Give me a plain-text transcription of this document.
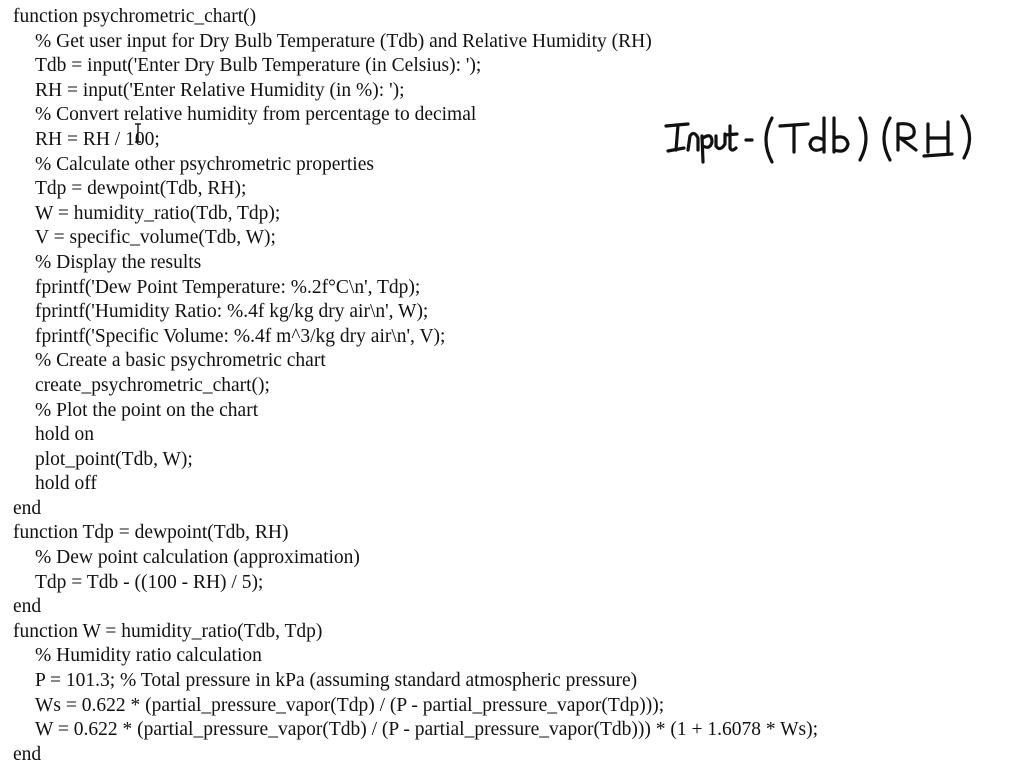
function psychrometric_chart()
% Get user input for Dry Bulb Temperature (Tdb) and Relative Humidity (RH)
Tdb = input('Enter Dry Bulb Temperature (in Celsius): ');
RH = input('Enter Relative Humidity (in %): ');
% Convert relative humidity from percentage to decimal
RH = RH / 100;
% Calculate other psychrometric properties
Tdp = dewpoint(Tdb, RH);
W = humidity_ratio(Tdb, Tdp);
V = specific_volume(Tdb, W);
% Display the results
fprintf('Dew Point Temperature: %.2f°C\n', Tdp);
fprintf('Humidity Ratio: %.4f kg/kg dry air\n', W);
fprintf('Specific Volume: %.4f m^3/kg dry air\n', V);
% Create a basic psychrometric chart
create_psychrometric_chart();
% Plot the point on the chart
hold on
plot_point(Tdb, W);
hold off
end
function Tdp = dewpoint(Tdb, RH)
% Dew point calculation (approximation)
Tdp = Tdb - ((100 - RH) / 5);
end
function W = humidity_ratio(Tdb, Tdp)
% Humidity ratio calculation
P = 101.3; % Total pressure in kPa (assuming standard atmospheric pressure)
Ws = 0.622 * (partial_pressure_vapor(Tdp) / (P - partial_pressure_vapor(Tdp)));
W = 0.622 * (partial_pressure_vapor(Tdb) / (P - partial_pressure_vapor(Tdb))) * (1 + 1.6078 * Ws);
end
